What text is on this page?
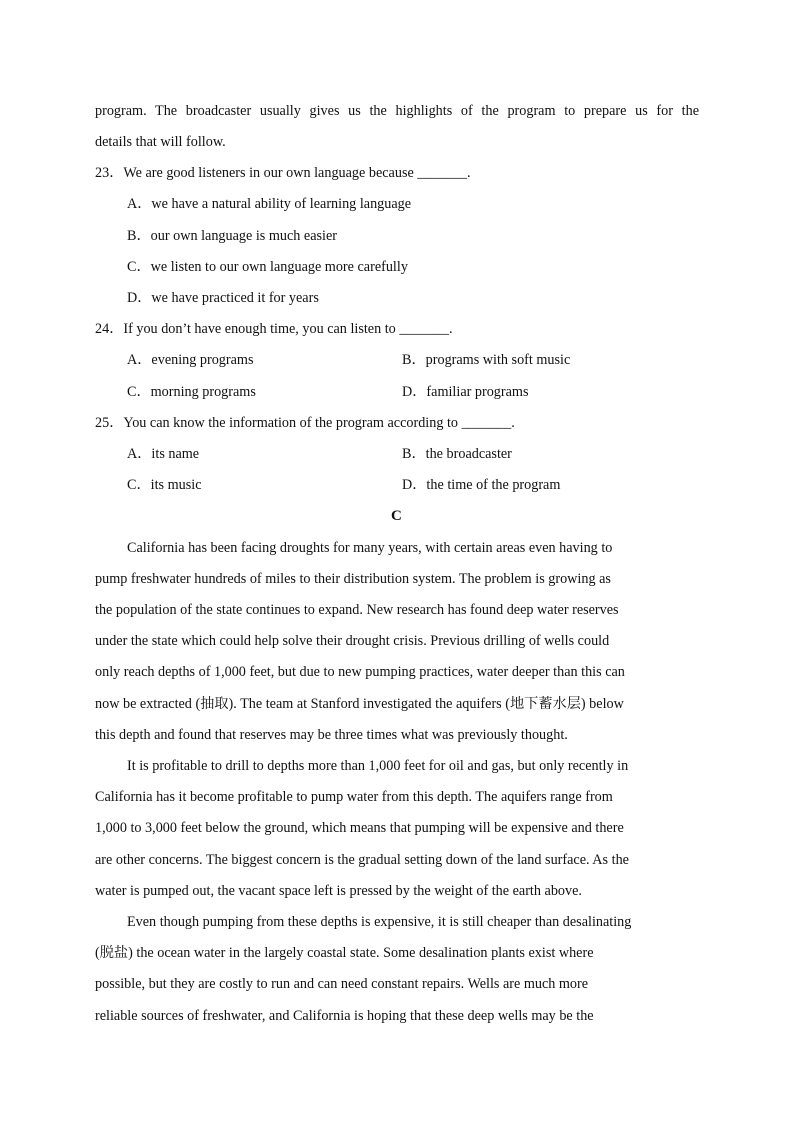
program. The broadcaster usually gives us the highlights of the program to prepare us for the
details that will follow.
23．We are good listeners in our own language because _______.
A．we have a natural ability of learning language
B．our own language is much easier
C．we listen to our own language more carefully
D．we have practiced it for years
24．If you don’t have enough time, you can listen to _______.
A．evening programs	B．programs with soft music
C．morning programs	D．familiar programs
25．You can know the information of the program according to _______.
A．its name	B．the broadcaster
C．its music	D．the time of the program
C
California has been facing droughts for many years, with certain areas even having to
pump freshwater hundreds of miles to their distribution system. The problem is growing as
the population of the state continues to expand. New research has found deep water reserves
under the state which could help solve their drought crisis. Previous drilling of wells could
only reach depths of 1,000 feet, but due to new pumping practices, water deeper than this can
now be extracted (抽取). The team at Stanford investigated the aquifers (地下蓄水层) below
this depth and found that reserves may be three times what was previously thought.
It is profitable to drill to depths more than 1,000 feet for oil and gas, but only recently in
California has it become profitable to pump water from this depth. The aquifers range from
1,000 to 3,000 feet below the ground, which means that pumping will be expensive and there
are other concerns. The biggest concern is the gradual setting down of the land surface. As the
water is pumped out, the vacant space left is pressed by the weight of the earth above.
Even though pumping from these depths is expensive, it is still cheaper than desalinating
(脱盐) the ocean water in the largely coastal state. Some desalination plants exist where
possible, but they are costly to run and can need constant repairs. Wells are much more
reliable sources of freshwater, and California is hoping that these deep wells may be the
